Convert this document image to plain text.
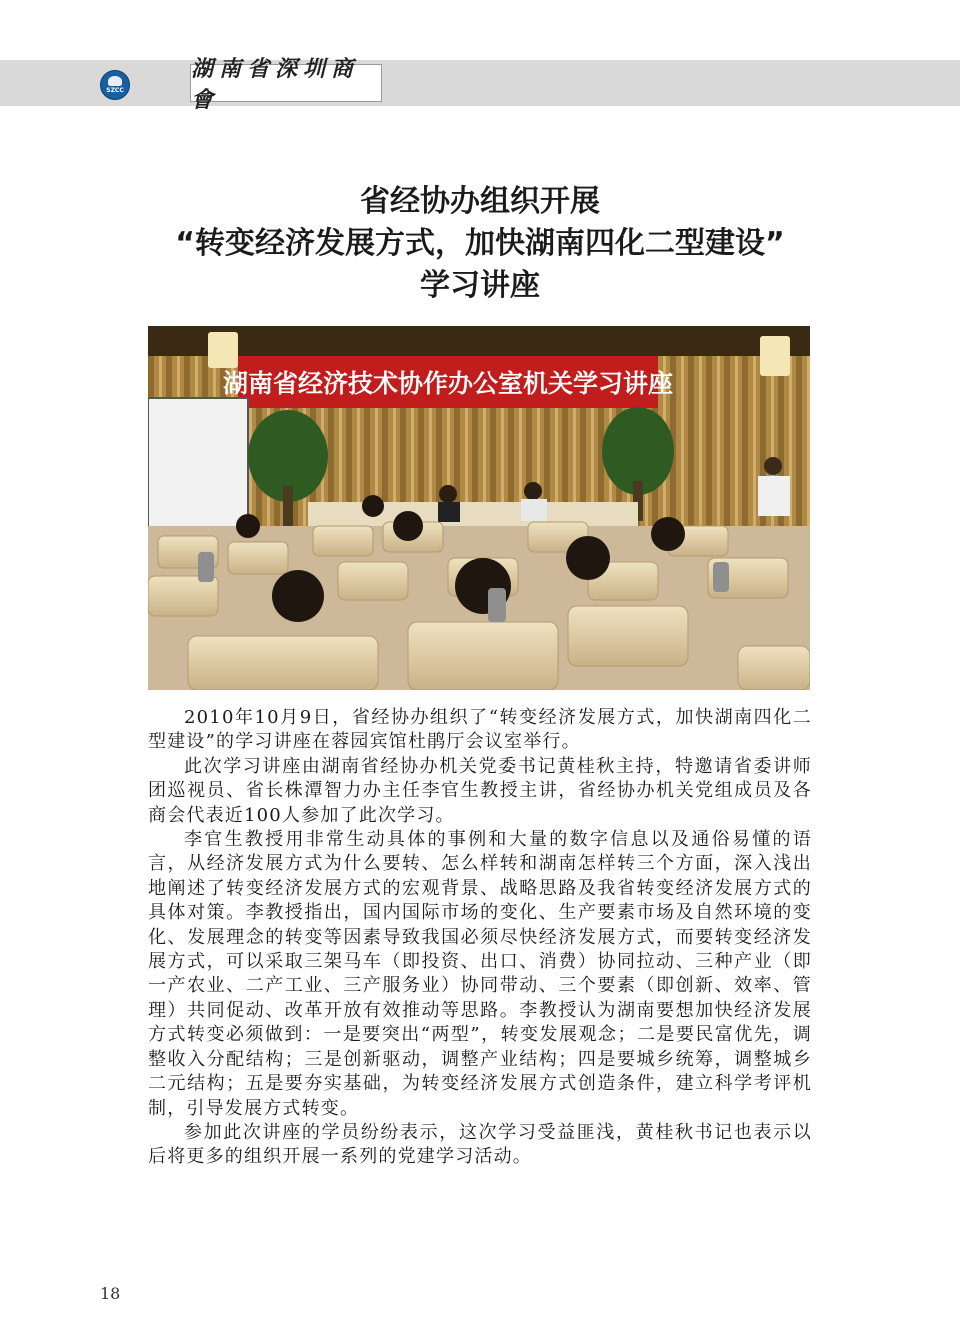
SZCC
湖南省深圳商會
省经协办组织开展
“转变经济发展方式，加快湖南四化二型建设”
学习讲座
湖南省经济技术协作办公室机关学习讲座

2010年10月9日，省经协办组织了“转变经济发展方式，加快湖南四化二型建设”的学习讲座在蓉园宾馆杜鹃厅会议室举行。

此次学习讲座由湖南省经协办机关党委书记黄桂秋主持，特邀请省委讲师团巡视员、省长株潭智力办主任李官生教授主讲，省经协办机关党组成员及各商会代表近100人参加了此次学习。

李官生教授用非常生动具体的事例和大量的数字信息以及通俗易懂的语言，从经济发展方式为什么要转、怎么样转和湖南怎样转三个方面，深入浅出地阐述了转变经济发展方式的宏观背景、战略思路及我省转变经济发展方式的具体对策。李教授指出，国内国际市场的变化、生产要素市场及自然环境的变化、发展理念的转变等因素导致我国必须尽快经济发展方式，而要转变经济发展方式，可以采取三架马车（即投资、出口、消费）协同拉动、三种产业（即一产农业、二产工业、三产服务业）协同带动、三个要素（即创新、效率、管理）共同促动、改革开放有效推动等思路。李教授认为湖南要想加快经济发展方式转变必须做到：一是要突出“两型”，转变发展观念；二是要民富优先，调整收入分配结构；三是创新驱动，调整产业结构；四是要城乡统筹，调整城乡二元结构；五是要夯实基础，为转变经济发展方式创造条件，建立科学考评机制，引导发展方式转变。

参加此次讲座的学员纷纷表示，这次学习受益匪浅，黄桂秋书记也表示以后将更多的组织开展一系列的党建学习活动。

18
